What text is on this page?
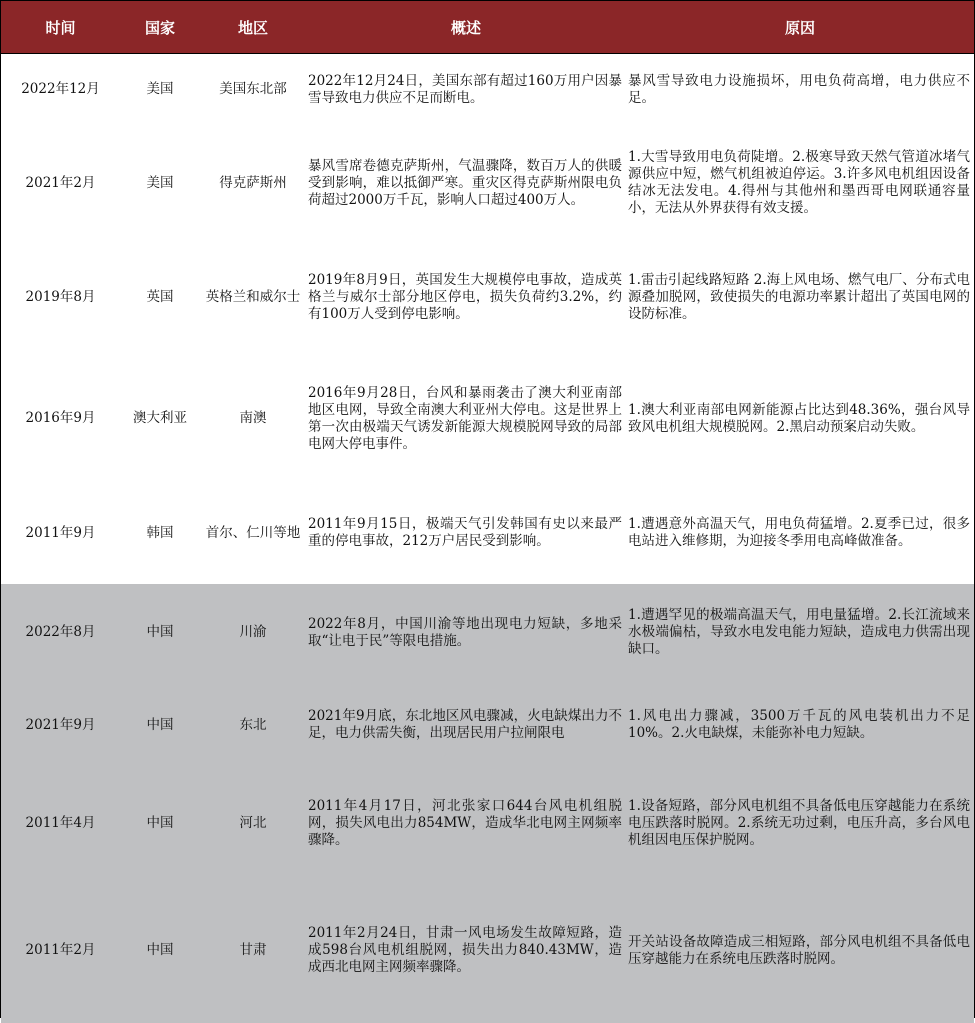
时间	国家	地区	概述	原因
2022年12月	美国	美国东北部	2022年12月24日，美国东部有超过160万用户因暴雪导致电力供应不足而断电。	暴风雪导致电力设施损坏，用电负荷高增，电力供应不足。
2021年2月	美国	得克萨斯州	暴风雪席卷德克萨斯州，气温骤降，数百万人的供暖受到影响，难以抵御严寒。重灾区得克萨斯州限电负荷超过2000万千瓦，影响人口超过400万人。	1.大雪导致用电负荷陡增。2.极寒导致天然气管道冰堵气源供应中短，燃气机组被迫停运。3.许多风电机组因设备结冰无法发电。4.得州与其他州和墨西哥电网联通容量小，无法从外界获得有效支援。
2019年8月	英国	英格兰和威尔士	2019年8月9日，英国发生大规模停电事故，造成英格兰与威尔士部分地区停电，损失负荷约3.2%，约有100万人受到停电影响。	1.雷击引起线路短路 2.海上风电场、燃气电厂、分布式电源叠加脱网，致使损失的电源功率累计超出了英国电网的设防标准。
2016年9月	澳大利亚	南澳	2016年9月28日，台风和暴雨袭击了澳大利亚南部地区电网，导致全南澳大利亚州大停电。这是世界上第一次由极端天气诱发新能源大规模脱网导致的局部电网大停电事件。	1.澳大利亚南部电网新能源占比达到48.36%，强台风导致风电机组大规模脱网。2.黑启动预案启动失败。
2011年9月	韩国	首尔、仁川等地	2011年9月15日，极端天气引发韩国有史以来最严重的停电事故，212万户居民受到影响。	1.遭遇意外高温天气，用电负荷猛增。2.夏季已过，很多电站进入维修期，为迎接冬季用电高峰做准备。
2022年8月	中国	川渝	2022年8月，中国川渝等地出现电力短缺，多地采取“让电于民”等限电措施。	1.遭遇罕见的极端高温天气，用电量猛增。2.长江流域来水极端偏枯，导致水电发电能力短缺，造成电力供需出现缺口。
2021年9月	中国	东北	2021年9月底，东北地区风电骤减，火电缺煤出力不足，电力供需失衡，出现居民用户拉闸限电	1.风电出力骤减，3500万千瓦的风电装机出力不足10%。2.火电缺煤，未能弥补电力短缺。
2011年4月	中国	河北	2011年4月17日，河北张家口644台风电机组脱网，损失风电出力854MW，造成华北电网主网频率骤降。	1.设备短路，部分风电机组不具备低电压穿越能力在系统电压跌落时脱网。2.系统无功过剩，电压升高，多台风电机组因电压保护脱网。
2011年2月	中国	甘肃	2011年2月24日，甘肃一风电场发生故障短路，造成598台风电机组脱网，损失出力840.43MW，造成西北电网主网频率骤降。	开关站设备故障造成三相短路，部分风电机组不具备低电压穿越能力在系统电压跌落时脱网。
